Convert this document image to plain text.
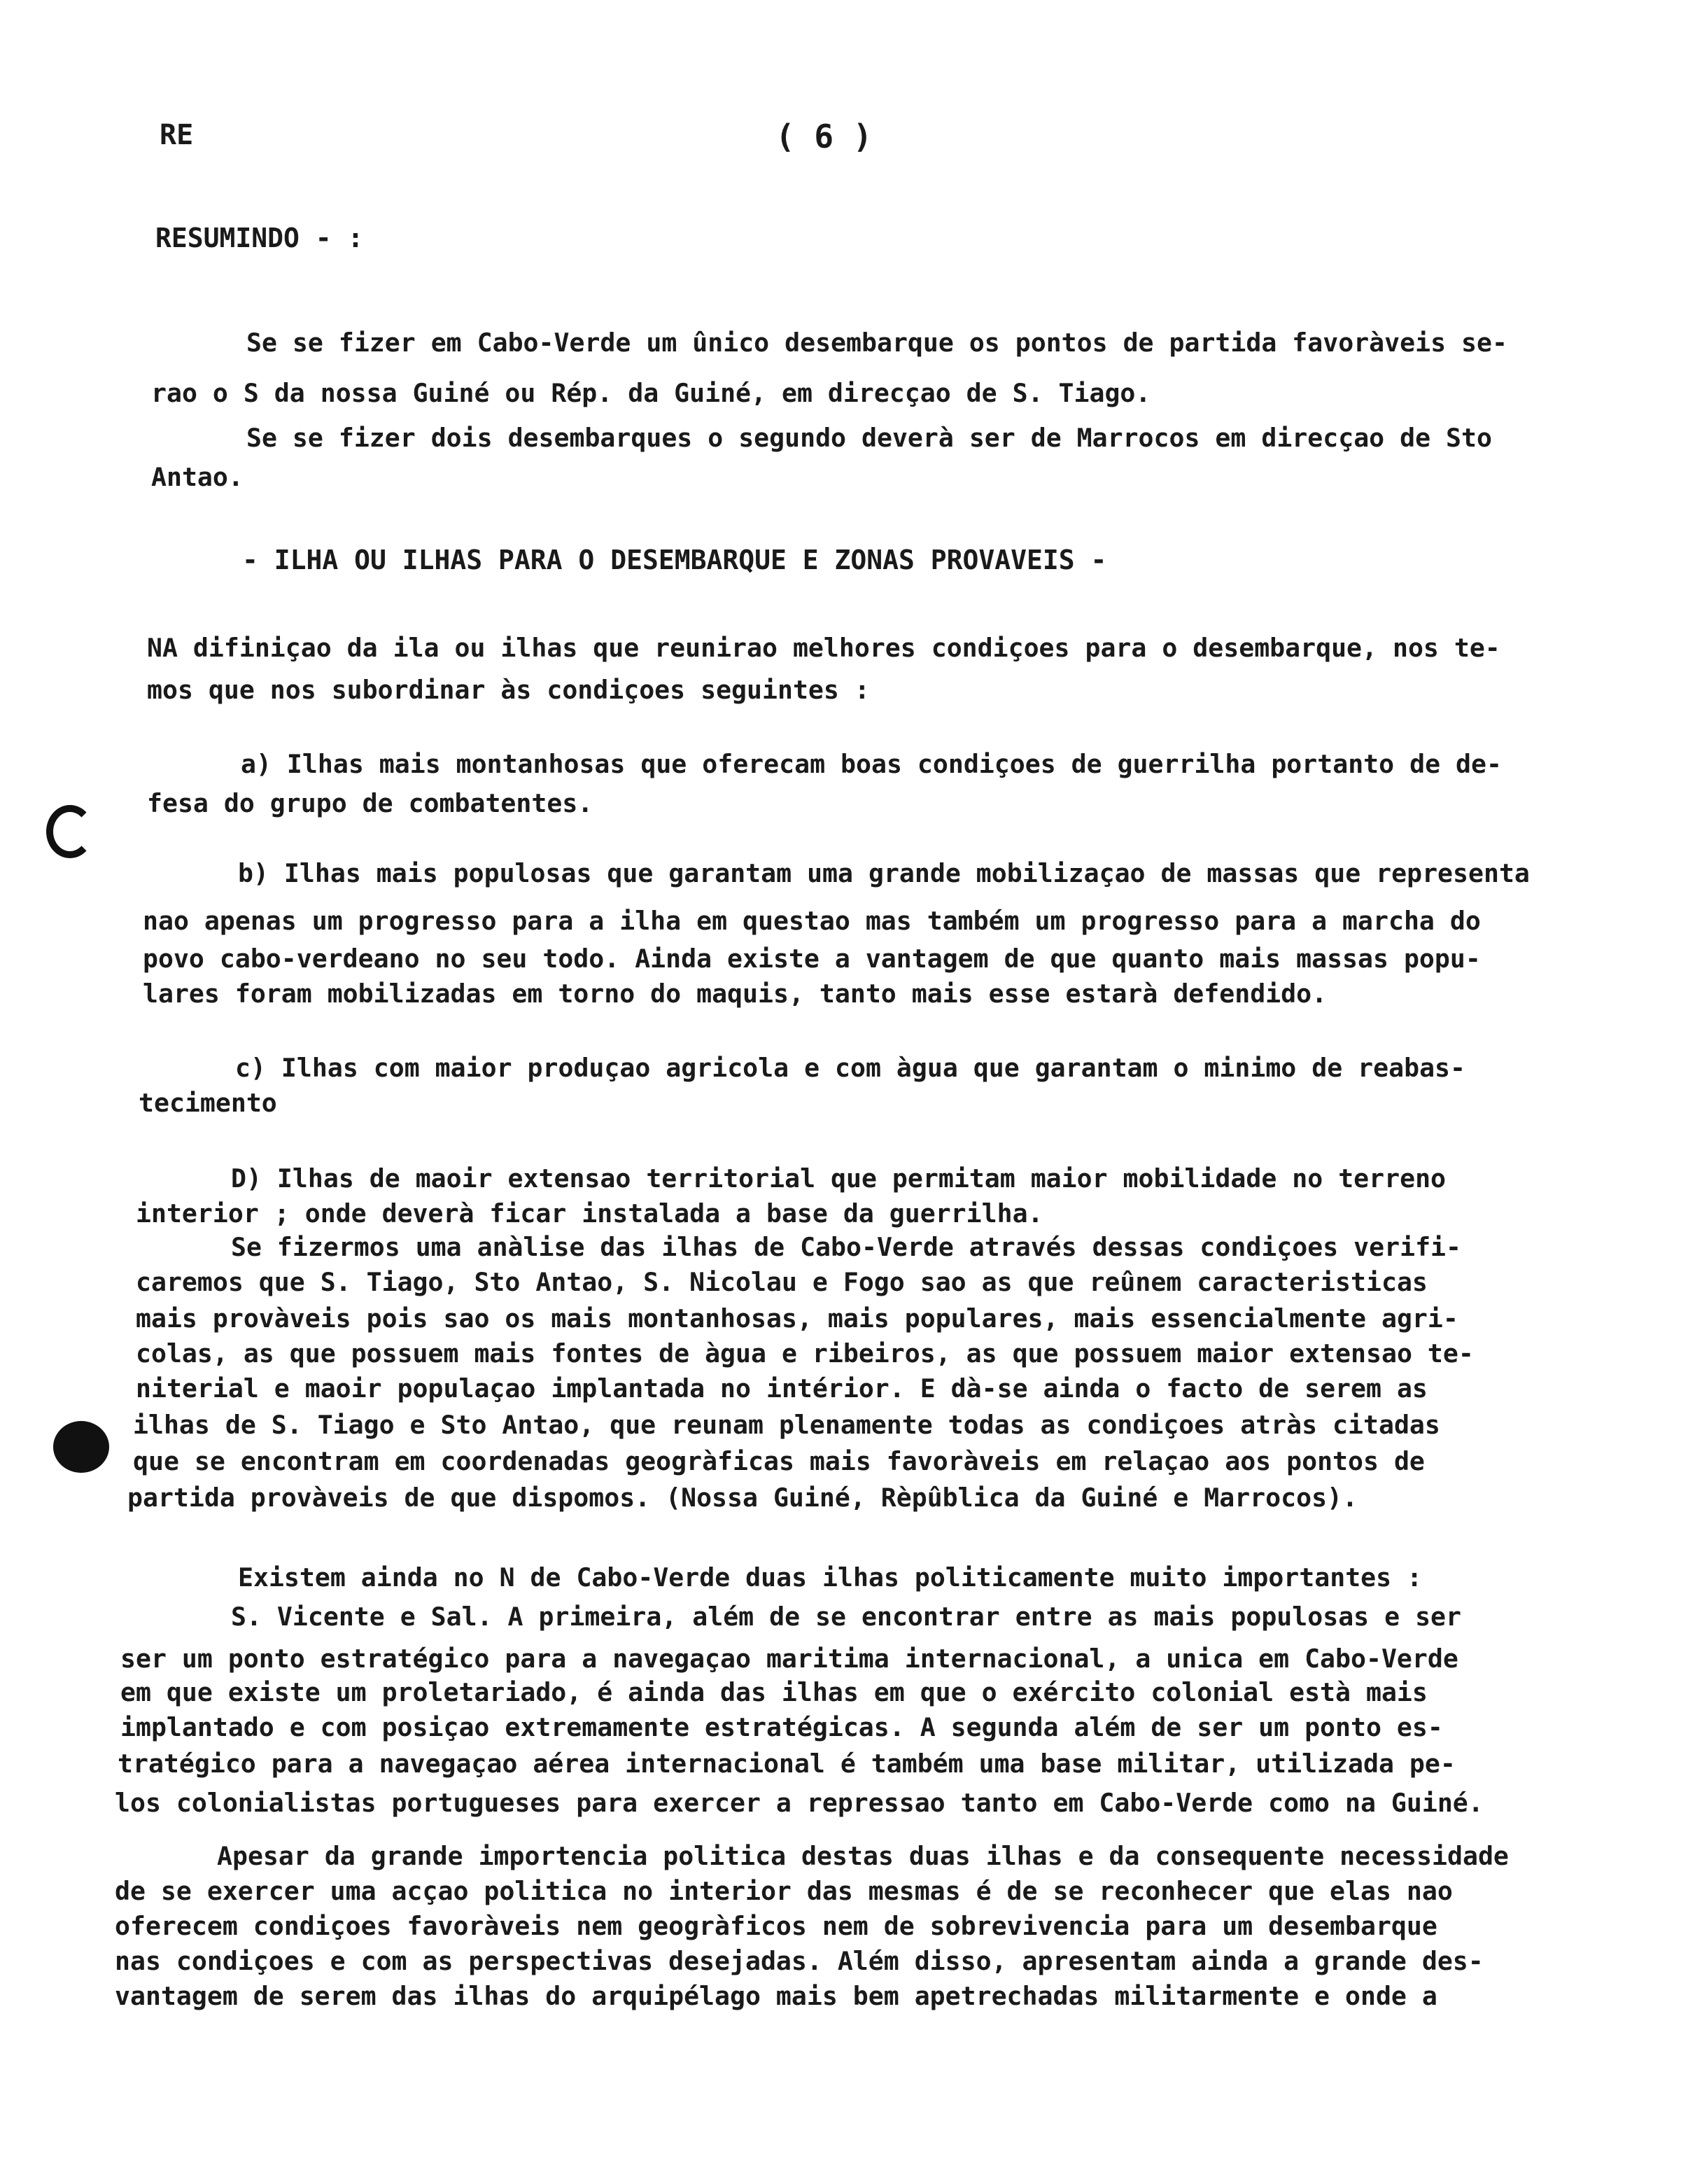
RE	( 6 )
RESUMINDO - :
Se se fizer em Cabo-Verde um ûnico desembarque os pontos de partida favoràveis se-
rao o S da nossa Guiné ou Rép. da Guiné, em direcçao de S. Tiago.
Se se fizer dois desembarques o segundo deverà ser de Marrocos em direcçao de Sto
Antao.
- ILHA OU ILHAS PARA O DESEMBARQUE E ZONAS PROVAVEIS -
NA difiniçao da ila ou ilhas que reunirao melhores condiçoes para o desembarque, nos te-
mos que nos subordinar às condiçoes seguintes :
a) Ilhas mais montanhosas que oferecam boas condiçoes de guerrilha portanto de de-
fesa do grupo de combatentes.
b) Ilhas mais populosas que garantam uma grande mobilizaçao de massas que representa
nao apenas um progresso para a ilha em questao mas também um progresso para a marcha do
povo cabo-verdeano no seu todo. Ainda existe a vantagem de que quanto mais massas popu-
lares foram mobilizadas em torno do maquis, tanto mais esse estarà defendido.
c) Ilhas com maior produçao agricola e com àgua que garantam o minimo de reabas-
tecimento
D) Ilhas de maoir extensao territorial que permitam maior mobilidade no terreno
interior ; onde deverà ficar instalada a base da guerrilha.
Se fizermos uma anàlise das ilhas de Cabo-Verde através dessas condiçoes verifi-
caremos que S. Tiago, Sto Antao, S. Nicolau e Fogo sao as que reûnem caracteristicas
mais provàveis pois sao os mais montanhosas, mais populares, mais essencialmente agri-
colas, as que possuem mais fontes de àgua e ribeiros, as que possuem maior extensao te-
niterial e maoir populaçao implantada no intérior. E dà-se ainda o facto de serem as
ilhas de S. Tiago e Sto Antao, que reunam plenamente todas as condiçoes atràs citadas
que se encontram em coordenadas geogràficas mais favoràveis em relaçao aos pontos de
partida provàveis de que dispomos. (Nossa Guiné, Rèpûblica da Guiné e Marrocos).
Existem ainda no N de Cabo-Verde duas ilhas politicamente muito importantes :
S. Vicente e Sal. A primeira, além de se encontrar entre as mais populosas e ser
ser um ponto estratégico para a navegaçao maritima internacional, a unica em Cabo-Verde
em que existe um proletariado, é ainda das ilhas em que o exército colonial està mais
implantado e com posiçao extremamente estratégicas. A segunda além de ser um ponto es-
tratégico para a navegaçao aérea internacional é também uma base militar, utilizada pe-
los colonialistas portugueses para exercer a repressao tanto em Cabo-Verde como na Guiné.
Apesar da grande importencia politica destas duas ilhas e da consequente necessidade
de se exercer uma acçao politica no interior das mesmas é de se reconhecer que elas nao
oferecem condiçoes favoràveis nem geogràficos nem de sobrevivencia para um desembarque
nas condiçoes e com as perspectivas desejadas. Além disso, apresentam ainda a grande des-
vantagem de serem das ilhas do arquipélago mais bem apetrechadas militarmente e onde a
